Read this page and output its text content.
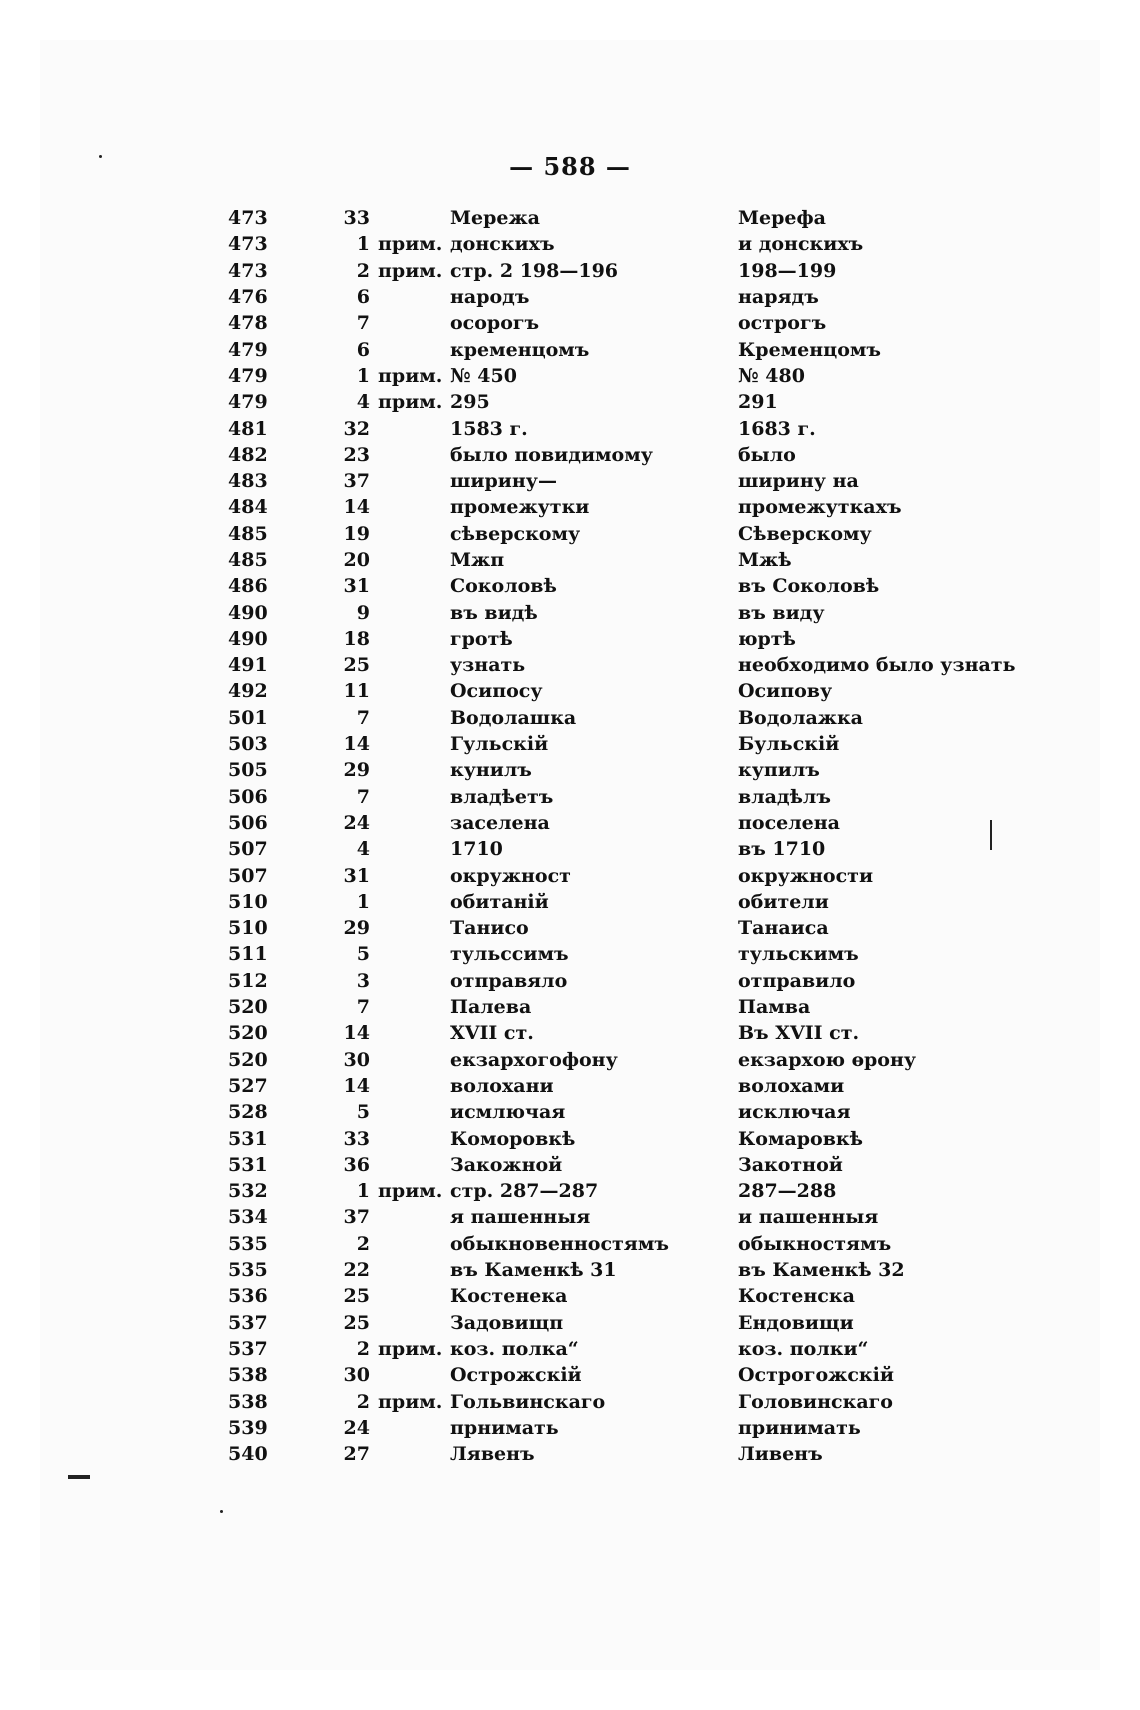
— 588 —
473	33		Мережа	Мерефа
473	1	прим.	донскихъ	и донскихъ
473	2	прим.	стр. 2 198—196	198—199
476	6		народъ	нарядъ
478	7		осорогъ	острогъ
479	6		кременцомъ	Кременцомъ
479	1	прим.	№ 450	№ 480
479	4	прим.	295	291
481	32		1583 г.	1683 г.
482	23		было повидимому	было
483	37		ширину—	ширину на
484	14		промежутки	промежуткахъ
485	19		сѣверскому	Сѣверскому
485	20		Мжп	Мжѣ
486	31		Соколовѣ	въ Соколовѣ
490	9		въ видѣ	въ виду
490	18		гротѣ	юртѣ
491	25		узнать	необходимо было узнать
492	11		Осипосу	Осипову
501	7		Водолашка	Водолажка
503	14		Гульскій	Бульскій
505	29		кунилъ	купилъ
506	7		владѣетъ	владѣлъ
506	24		заселена	поселена
507	4		1710	въ 1710
507	31		окружност	окружности
510	1		обитаній	обители
510	29		Танисо	Танаиса
511	5		тульссимъ	тульскимъ
512	3		отправяло	отправило
520	7		Палева	Памва
520	14		XVII ст.	Въ XVII ст.
520	30		екзархогофону	екзархою ѳрону
527	14		волохани	волохами
528	5		исмлючая	исключая
531	33		Коморовкѣ	Комаровкѣ
531	36		Закожной	Закотной
532	1	прим.	стр. 287—287	287—288
534	37		я пашенныя	и пашенныя
535	2		обыкновенностямъ	обыкностямъ
535	22		въ Каменкѣ 31	въ Каменкѣ 32
536	25		Костенека	Костенска
537	25		Задовищп	Ендовищи
537	2	прим.	коз. полка“	коз. полки“
538	30		Острожскій	Острогожскій
538	2	прим.	Гольвинскаго	Головинскаго
539	24		прнимать	принимать
540	27		Лявенъ	Ливенъ
